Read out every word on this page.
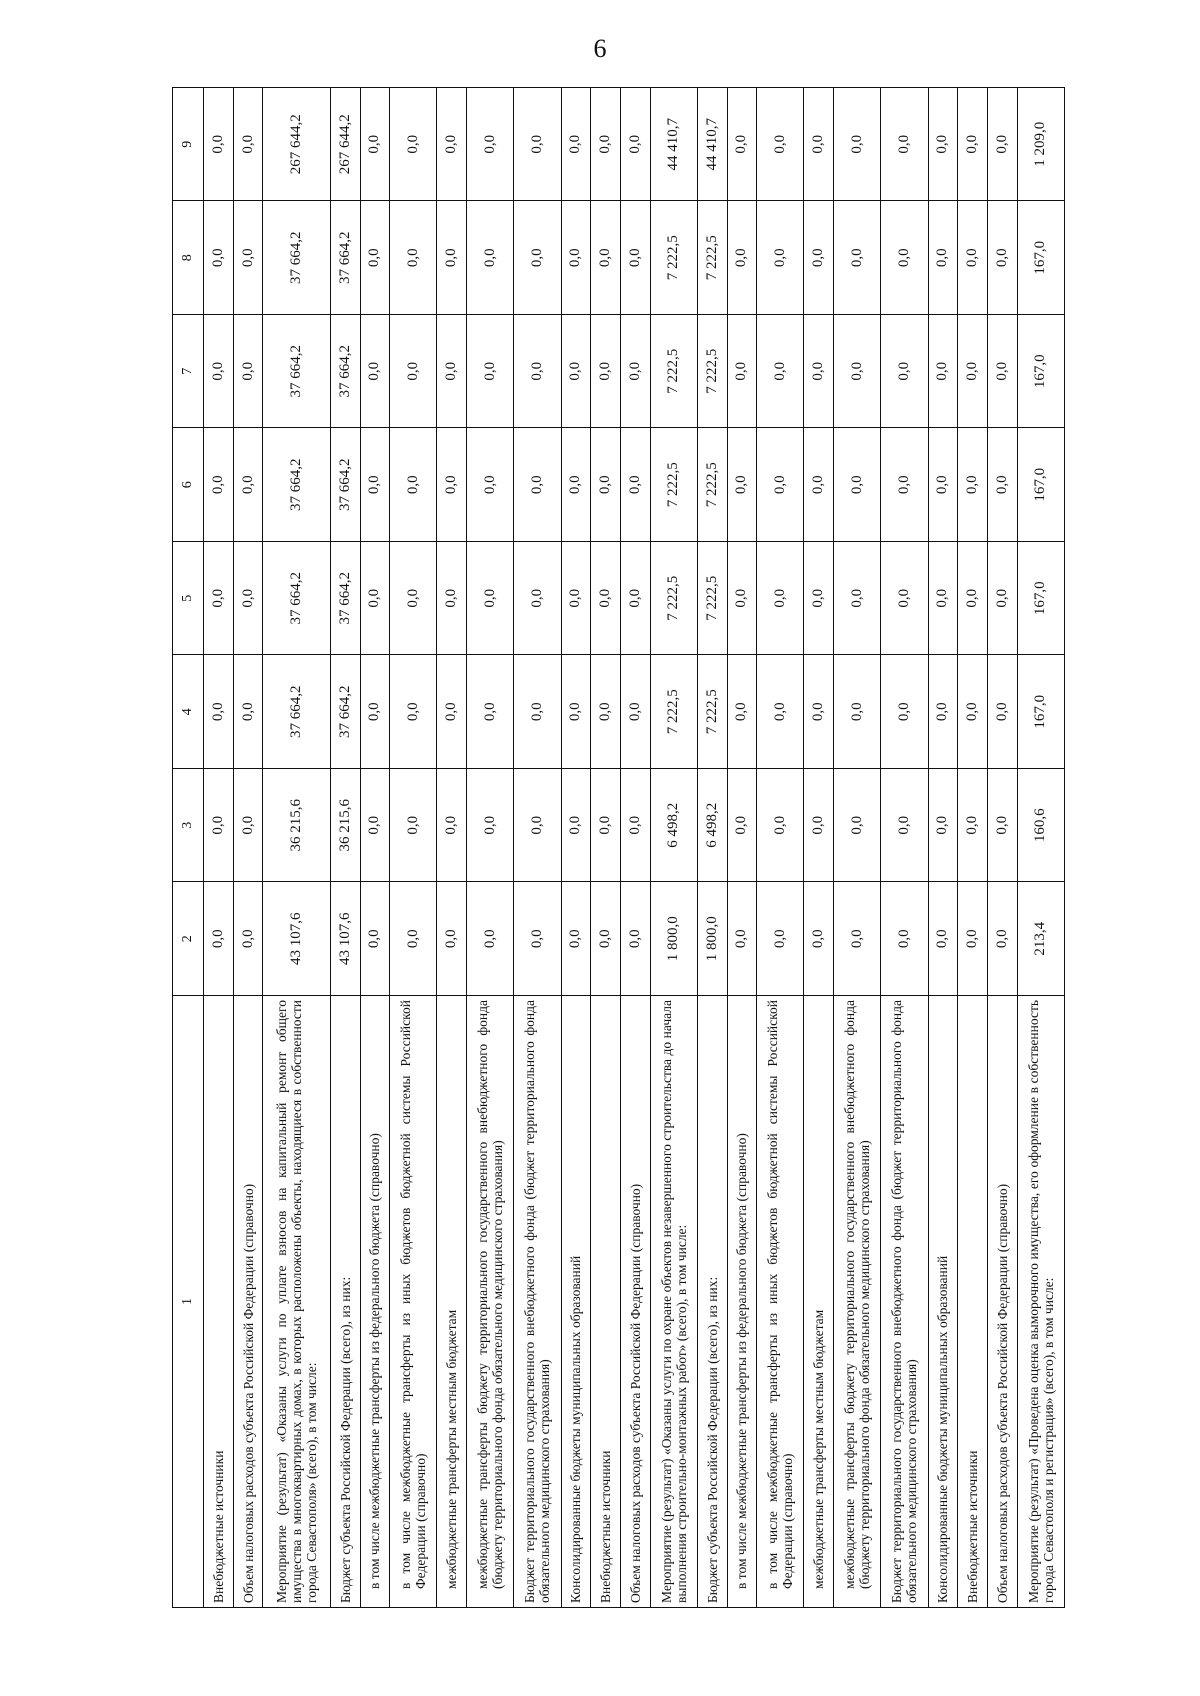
6
1	2	3	4	5	6	7	8	9
Внебюджетные источники	0,0	0,0	0,0	0,0	0,0	0,0	0,0	0,0
Объем налоговых расходов субъекта Российской Федерации (справочно)	0,0	0,0	0,0	0,0	0,0	0,0	0,0	0,0
Мероприятие (результат) «Оказаны услуги по уплате взносов на капитальный ремонт общего имущества в многоквартирных домах, в которых расположены объекты, находящиеся в собственности города Севастополя» (всего), в том числе:	43 107,6	36 215,6	37 664,2	37 664,2	37 664,2	37 664,2	37 664,2	267 644,2
Бюджет субъекта Российской Федерации (всего), из них:	43 107,6	36 215,6	37 664,2	37 664,2	37 664,2	37 664,2	37 664,2	267 644,2
в том числе межбюджетные трансферты из федерального бюджета (справочно)	0,0	0,0	0,0	0,0	0,0	0,0	0,0	0,0
в том числе межбюджетные трансферты из иных бюджетов бюджетной системы Российской Федерации (справочно)	0,0	0,0	0,0	0,0	0,0	0,0	0,0	0,0
межбюджетные трансферты местным бюджетам	0,0	0,0	0,0	0,0	0,0	0,0	0,0	0,0
межбюджетные трансферты бюджету территориального государственного внебюджетного фонда (бюджету территориального фонда обязательного медицинского страхования)	0,0	0,0	0,0	0,0	0,0	0,0	0,0	0,0
Бюджет территориального государственного внебюджетного фонда (бюджет территориального фонда обязательного медицинского страхования)	0,0	0,0	0,0	0,0	0,0	0,0	0,0	0,0
Консолидированные бюджеты муниципальных образований	0,0	0,0	0,0	0,0	0,0	0,0	0,0	0,0
Внебюджетные источники	0,0	0,0	0,0	0,0	0,0	0,0	0,0	0,0
Объем налоговых расходов субъекта Российской Федерации (справочно)	0,0	0,0	0,0	0,0	0,0	0,0	0,0	0,0
Мероприятие (результат) «Оказаны услуги по охране объектов незавершенного строительства до начала выполнения строительно-монтажных работ» (всего), в том числе:	1 800,0	6 498,2	7 222,5	7 222,5	7 222,5	7 222,5	7 222,5	44 410,7
Бюджет субъекта Российской Федерации (всего), из них:	1 800,0	6 498,2	7 222,5	7 222,5	7 222,5	7 222,5	7 222,5	44 410,7
в том числе межбюджетные трансферты из федерального бюджета (справочно)	0,0	0,0	0,0	0,0	0,0	0,0	0,0	0,0
в том числе межбюджетные трансферты из иных бюджетов бюджетной системы Российской Федерации (справочно)	0,0	0,0	0,0	0,0	0,0	0,0	0,0	0,0
межбюджетные трансферты местным бюджетам	0,0	0,0	0,0	0,0	0,0	0,0	0,0	0,0
межбюджетные трансферты бюджету территориального государственного внебюджетного фонда (бюджету территориального фонда обязательного медицинского страхования)	0,0	0,0	0,0	0,0	0,0	0,0	0,0	0,0
Бюджет территориального государственного внебюджетного фонда (бюджет территориального фонда обязательного медицинского страхования)	0,0	0,0	0,0	0,0	0,0	0,0	0,0	0,0
Консолидированные бюджеты муниципальных образований	0,0	0,0	0,0	0,0	0,0	0,0	0,0	0,0
Внебюджетные источники	0,0	0,0	0,0	0,0	0,0	0,0	0,0	0,0
Объем налоговых расходов субъекта Российской Федерации (справочно)	0,0	0,0	0,0	0,0	0,0	0,0	0,0	0,0
Мероприятие (результат) «Проведена оценка выморочного имущества, его оформление в собственность города Севастополя и регистрация» (всего), в том числе:	213,4	160,6	167,0	167,0	167,0	167,0	167,0	1 209,0
